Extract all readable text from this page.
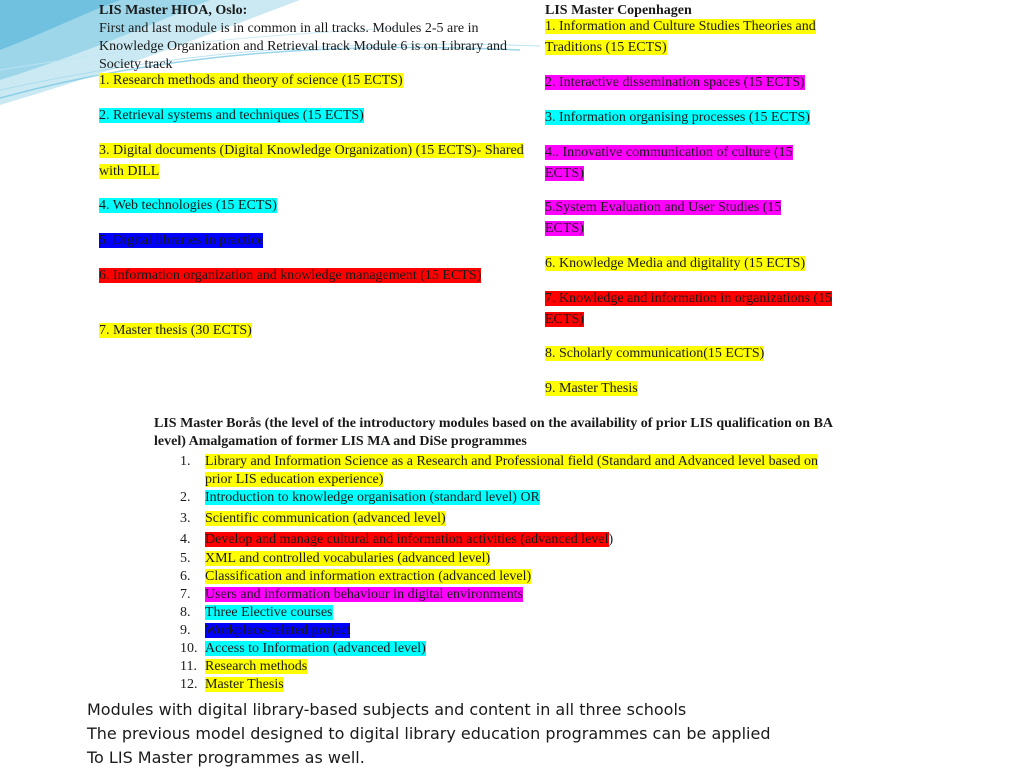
LIS Master HIOA, Oslo:
First and last module is in common in all tracks. Modules 2-5 are in Knowledge Organization and Retrieval track Module 6 is on Library and Society track
1. Research methods and theory of science (15 ECTS)
2. Retrieval systems and techniques (15 ECTS)
3. Digital documents (Digital Knowledge Organization) (15 ECTS)- Shared with DILL
4. Web technologies (15 ECTS)
5. Digital libraries in practice
6. Information organization and knowledge management (15 ECTS)
7. Master thesis (30 ECTS)
LIS Master Copenhagen
1. Information and Culture Studies Theories and Traditions (15 ECTS)
2. Interactive dissemination spaces (15 ECTS)
3. Information organising processes (15 ECTS)
4.. Innovative communication of culture (15 ECTS)
5.System Evaluation and User Studies (15 ECTS)
6. Knowledge Media and digitality (15 ECTS)
7. Knowledge and information in organizations (15 ECTS)
8. Scholarly communication(15 ECTS)
9. Master Thesis
LIS Master Borås (the level of the introductory modules based on the availability of prior LIS qualification on BA level) Amalgamation of former LIS MA and DiSe programmes
1. Library and Information Science as a Research and Professional field (Standard and Advanced level based on prior LIS education experience)
2. Introduction to knowledge organisation (standard level) OR
3. Scientific communication (advanced level)
4. Develop and manage cultural and information activities (advanced level)
5. XML and controlled vocabularies (advanced level)
6. Classification and information extraction (advanced level)
7. Users and information behaviour in digital environments
8. Three Elective courses
9. Workplace-related project
10. Access to Information (advanced level)
11. Research methods
12. Master Thesis
Modules with digital library-based subjects and content in all three schools
The previous model designed to digital library education programmes can be applied
To LIS Master programmes as well.
